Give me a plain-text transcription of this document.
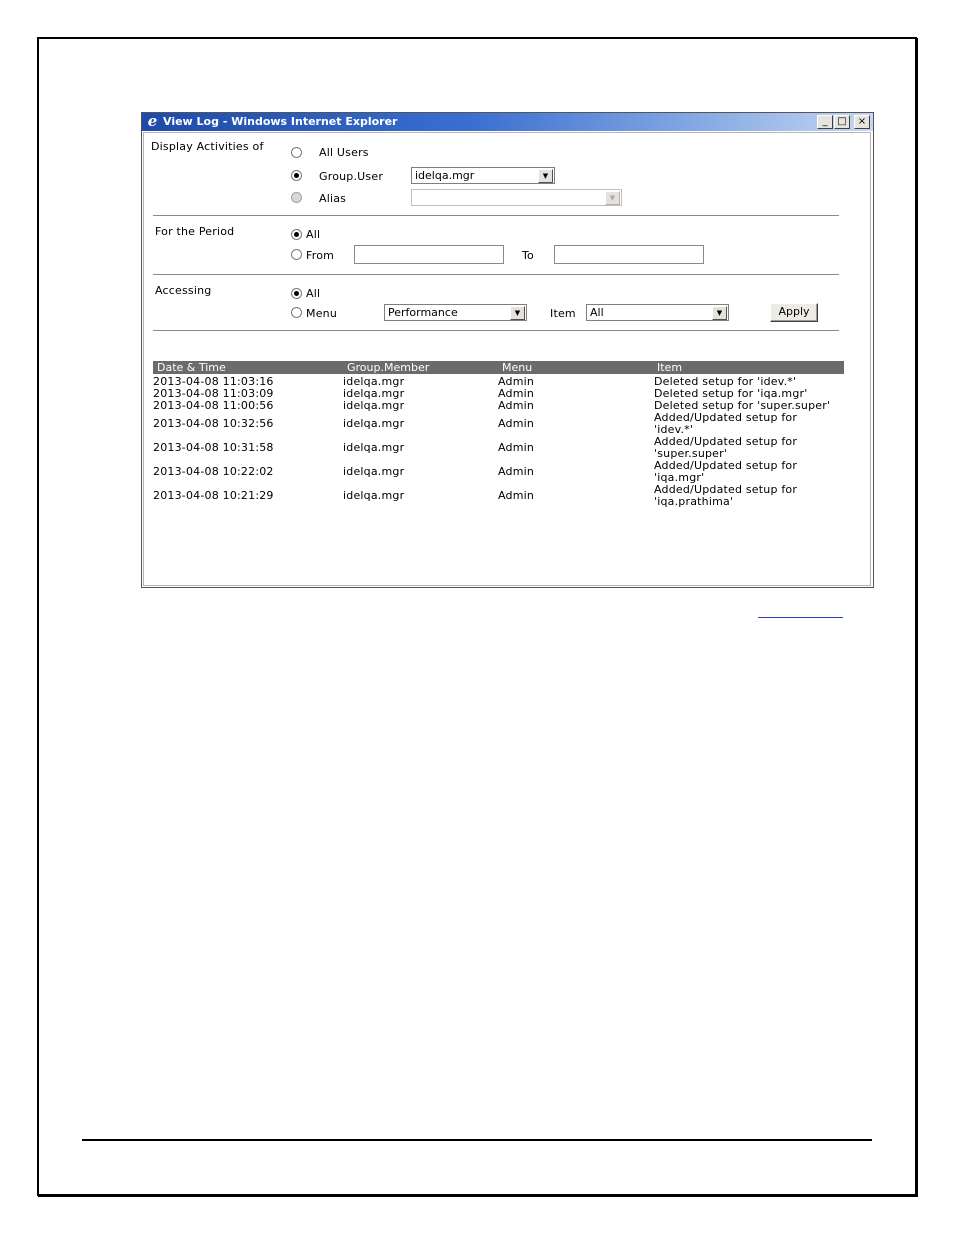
e View Log - Windows Internet Explorer	_ □	×
Display Activities of	All Users
Group.User	idelqa.mgr	▼
Alias	▼
For the Period	All
From	To
Accessing	All
Menu	Performance	▼	Item All	▼	Apply
Date & Time	Group.Member	Menu	Item
2013-04-08 11:03:16	idelqa.mgr	Admin	Deleted setup for 'idev.*'
2013-04-08 11:03:09	idelqa.mgr	Admin	Deleted setup for 'iqa.mgr'
2013-04-08 11:00:56	idelqa.mgr	Admin	Deleted setup for 'super.super'
2013-04-08 10:32:56	idelqa.mgr	Admin	Added/Updated setup for
'idev.*'
2013-04-08 10:31:58	idelqa.mgr	Admin	Added/Updated setup for
'super.super'
2013-04-08 10:22:02	idelqa.mgr	Admin	Added/Updated setup for
'iqa.mgr'
2013-04-08 10:21:29	idelqa.mgr	Admin	Added/Updated setup for
'iqa.prathima'
